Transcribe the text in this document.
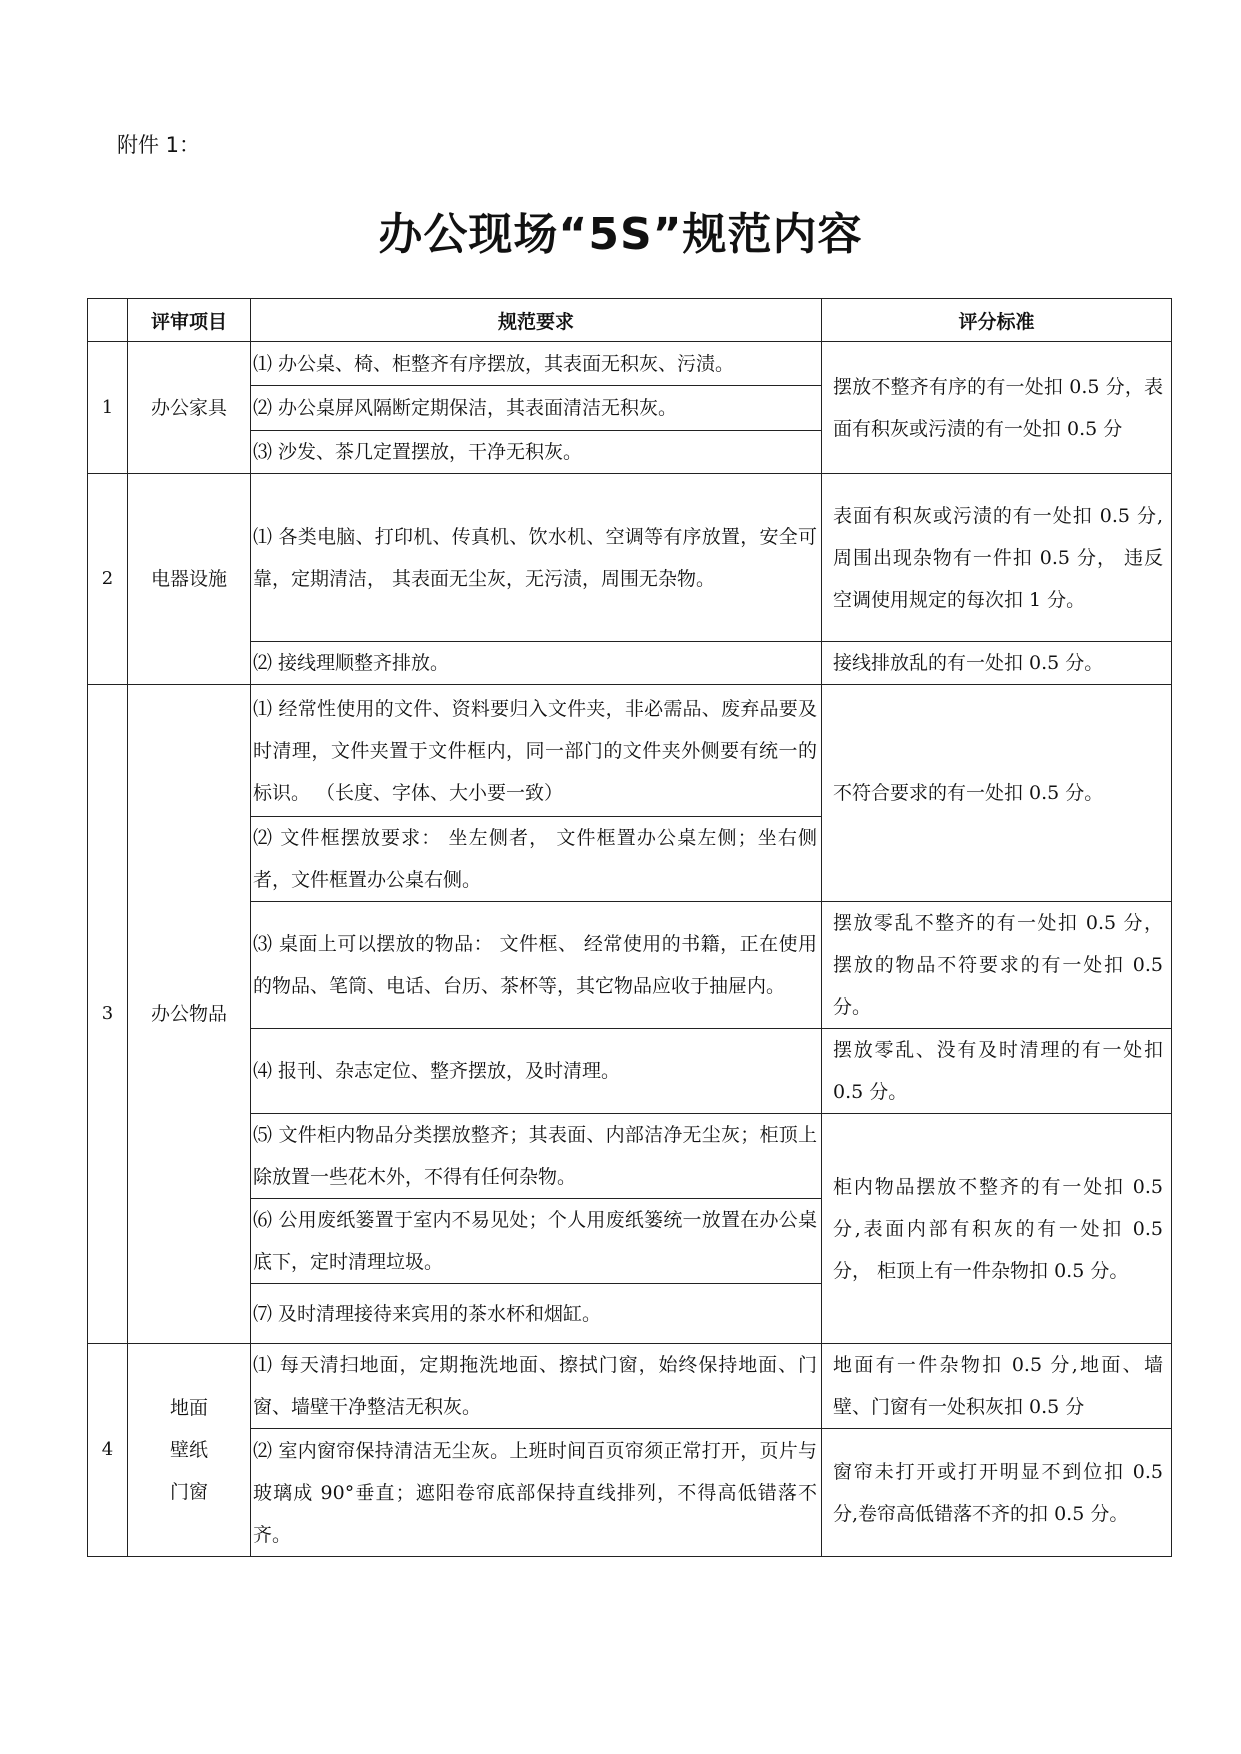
附件 1：
办公现场“5S”规范内容
	评审项目	规范要求	评分标准
1	办公家具	⑴ 办公桌、椅、柜整齐有序摆放，其表面无积灰、污渍。	摆放不整齐有序的有一处扣 0.5 分，表面有积灰或污渍的有一处扣 0.5 分
		⑵ 办公桌屏风隔断定期保洁，其表面清洁无积灰。	
		⑶ 沙发、茶几定置摆放，干净无积灰。	
2	电器设施	⑴ 各类电脑、打印机、传真机、饮水机、空调等有序放置，安全可靠，定期清洁， 其表面无尘灰，无污渍，周围无杂物。	表面有积灰或污渍的有一处扣 0.5 分,周围出现杂物有一件扣 0.5 分， 违反空调使用规定的每次扣 1 分。
		⑵ 接线理顺整齐排放。	接线排放乱的有一处扣 0.5 分。
3	办公物品	⑴ 经常性使用的文件、资料要归入文件夹，非必需品、废弃品要及时清理，文件夹置于文件框内，同一部门的文件夹外侧要有统一的标识。 （长度、字体、大小要一致）	不符合要求的有一处扣 0.5 分。
		⑵ 文件框摆放要求： 坐左侧者， 文件框置办公桌左侧；坐右侧者，文件框置办公桌右侧。	
		⑶ 桌面上可以摆放的物品： 文件框、 经常使用的书籍，正在使用的物品、笔筒、电话、台历、茶杯等，其它物品应收于抽屉内。	摆放零乱不整齐的有一处扣 0.5 分， 摆放的物品不符要求的有一处扣 0.5 分。
		⑷ 报刊、杂志定位、整齐摆放，及时清理。	摆放零乱、没有及时清理的有一处扣 0.5 分。
		⑸ 文件柜内物品分类摆放整齐；其表面、内部洁净无尘灰；柜顶上除放置一些花木外，不得有任何杂物。	柜内物品摆放不整齐的有一处扣 0.5 分,表面内部有积灰的有一处扣 0.5 分， 柜顶上有一件杂物扣 0.5 分。
		⑹ 公用废纸篓置于室内不易见处；个人用废纸篓统一放置在办公桌底下，定时清理垃圾。	
		⑺ 及时清理接待来宾用的茶水杯和烟缸。	
4	地面
壁纸
门窗	⑴ 每天清扫地面，定期拖洗地面、擦拭门窗，始终保持地面、门窗、墙壁干净整洁无积灰。	地面有一件杂物扣 0.5 分,地面、墙壁、门窗有一处积灰扣 0.5 分
		⑵ 室内窗帘保持清洁无尘灰。上班时间百页帘须正常打开，页片与玻璃成 90°垂直；遮阳卷帘底部保持直线排列，不得高低错落不齐。	窗帘未打开或打开明显不到位扣 0.5 分,卷帘高低错落不齐的扣 0.5 分。
